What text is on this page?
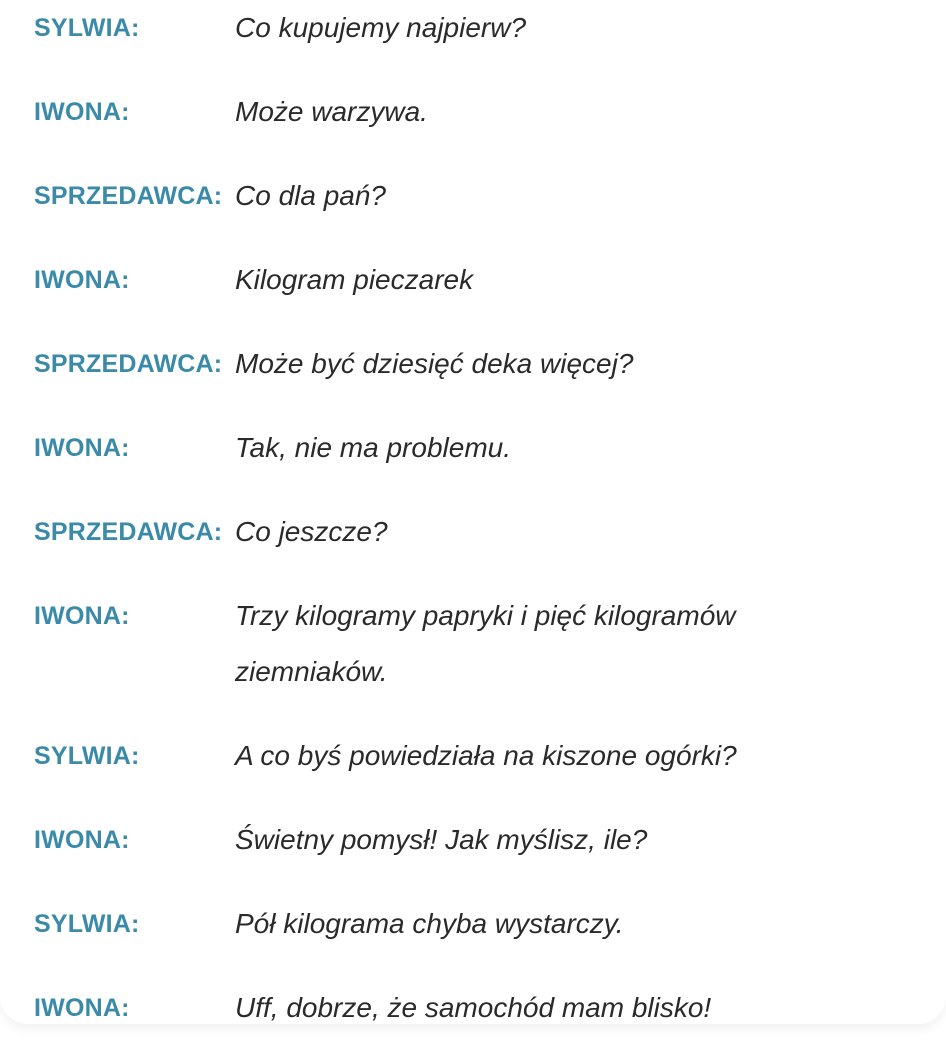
SYLWIA:	Co kupujemy najpierw?
IWONA:	Może warzywa.
SPRZEDAWCA: Co dla pań?
IWONA:	Kilogram pieczarek
SPRZEDAWCA: Może być dziesięć deka więcej?
IWONA:	Tak, nie ma problemu.
SPRZEDAWCA: Co jeszcze?
IWONA:	Trzy kilogramy papryki i pięć kilogramów ziemniaków.
SYLWIA:	A co byś powiedziała na kiszone ogórki?
IWONA:	Świetny pomysł! Jak myślisz, ile?
SYLWIA:	Pół kilograma chyba wystarczy.
IWONA:	Uff, dobrze, że samochód mam blisko!
